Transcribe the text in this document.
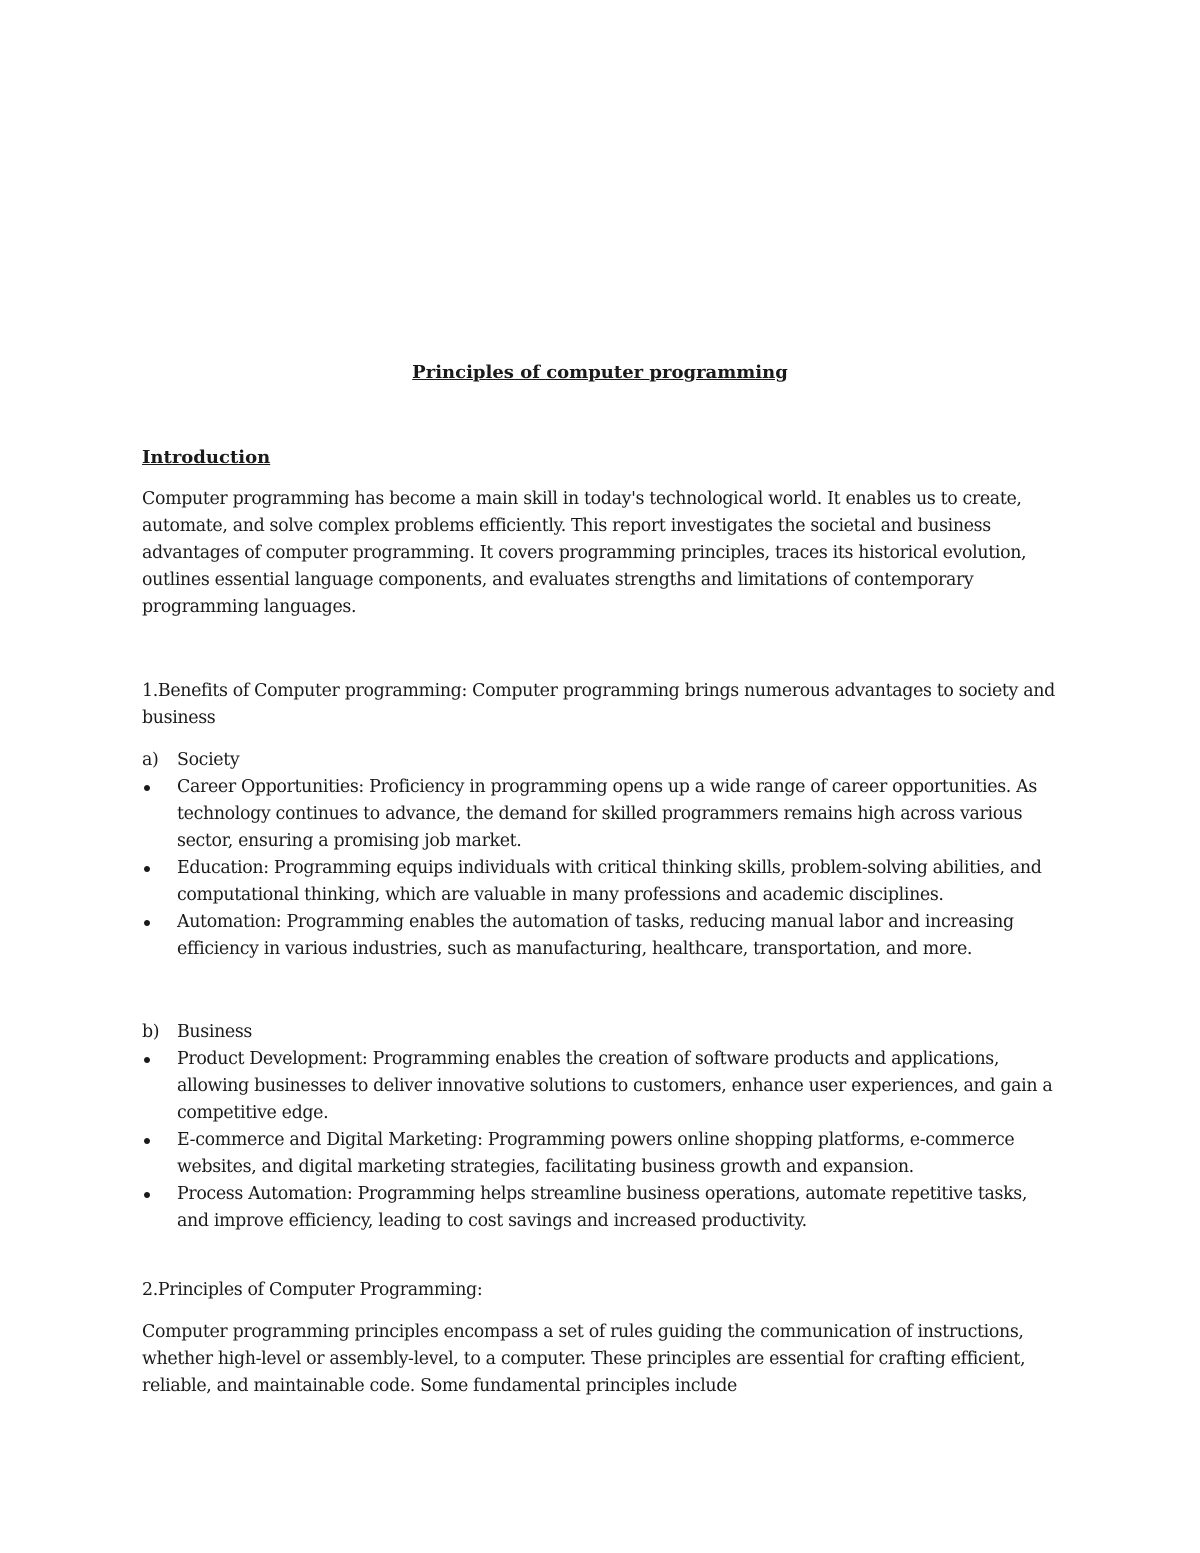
Principles of computer programming
Introduction

Computer programming has become a main skill in today's technological world. It enables us to create, automate, and solve complex problems efficiently. This report investigates the societal and business advantages of computer programming. It covers programming principles, traces its historical evolution, outlines essential language components, and evaluates strengths and limitations of contemporary programming languages.

1.Benefits of Computer programming: Computer programming brings numerous advantages to society and business

a) Society
Career Opportunities: Proficiency in programming opens up a wide range of career opportunities. As technology continues to advance, the demand for skilled programmers remains high across various sector, ensuring a promising job market.
Education: Programming equips individuals with critical thinking skills, problem-solving abilities, and computational thinking, which are valuable in many professions and academic disciplines.
Automation: Programming enables the automation of tasks, reducing manual labor and increasing efficiency in various industries, such as manufacturing, healthcare, transportation, and more.
b) Business
Product Development: Programming enables the creation of software products and applications, allowing businesses to deliver innovative solutions to customers, enhance user experiences, and gain a competitive edge.
E-commerce and Digital Marketing: Programming powers online shopping platforms, e-commerce websites, and digital marketing strategies, facilitating business growth and expansion.
Process Automation: Programming helps streamline business operations, automate repetitive tasks, and improve efficiency, leading to cost savings and increased productivity.

2.Principles of Computer Programming:

Computer programming principles encompass a set of rules guiding the communication of instructions, whether high-level or assembly-level, to a computer. These principles are essential for crafting efficient, reliable, and maintainable code. Some fundamental principles include
